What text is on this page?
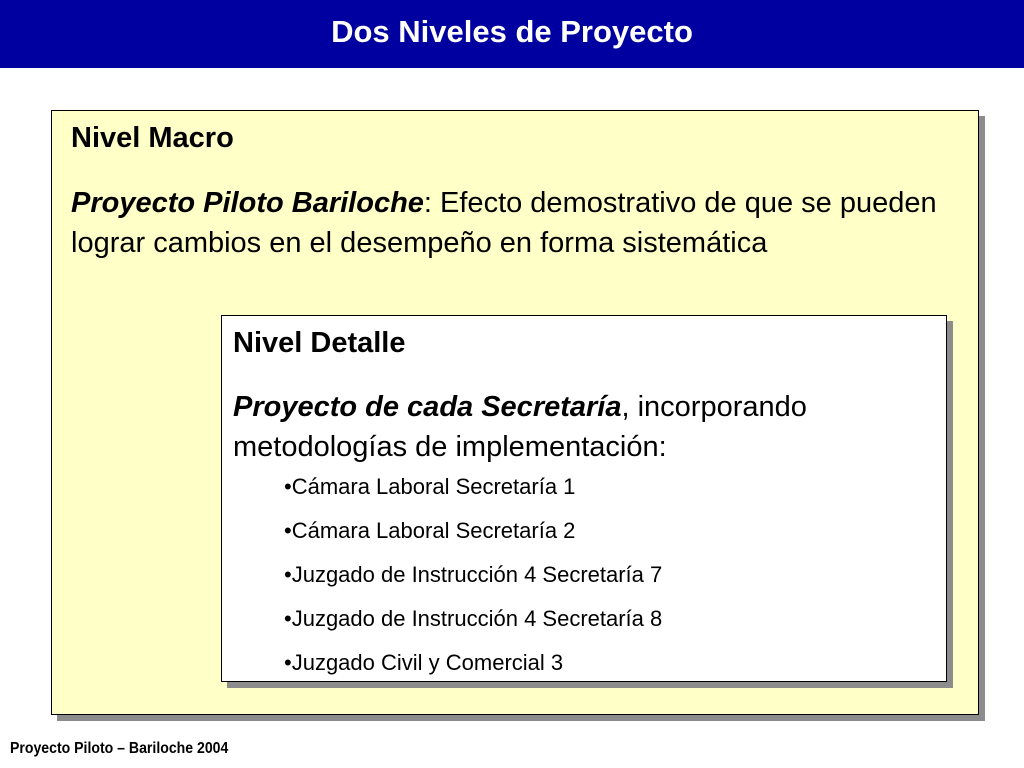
Dos Niveles de Proyecto
Nivel Macro
Proyecto Piloto Bariloche: Efecto demostrativo de que se pueden lograr cambios en el desempeño en forma sistemática
Nivel Detalle
Proyecto de cada Secretaría, incorporando metodologías de implementación:
•Cámara Laboral Secretaría 1
•Cámara Laboral Secretaría 2
•Juzgado de Instrucción 4 Secretaría 7
•Juzgado de Instrucción 4 Secretaría 8
•Juzgado Civil y Comercial 3
Proyecto Piloto – Bariloche 2004
